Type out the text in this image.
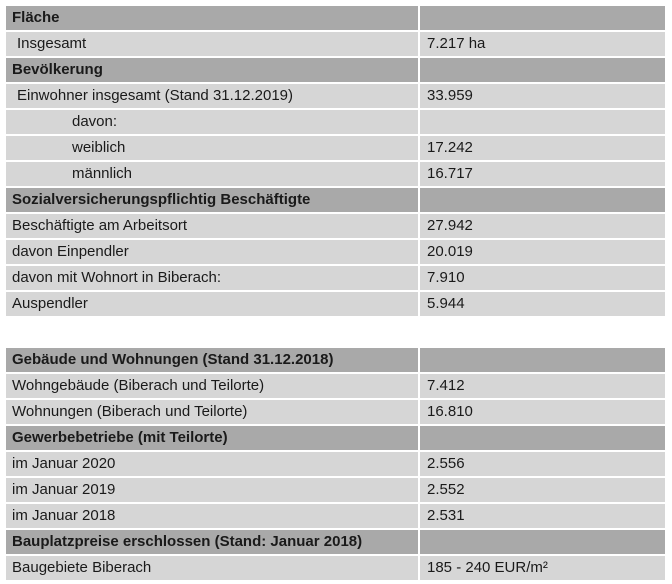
Fläche
Insgesamt	7.217 ha
Bevölkerung
Einwohner insgesamt (Stand 31.12.2019)	33.959
davon:
weiblich	17.242
männlich	16.717
Sozialversicherungspflichtig Beschäftigte
Beschäftigte am Arbeitsort	27.942
davon Einpendler	20.019
davon mit Wohnort in Biberach:	7.910
Auspendler	5.944
Gebäude und Wohnungen (Stand 31.12.2018)
Wohngebäude (Biberach und Teilorte)	7.412
Wohnungen (Biberach und Teilorte)	16.810
Gewerbebetriebe (mit Teilorte)
im Januar 2020	2.556
im Januar 2019	2.552
im Januar 2018	2.531
Bauplatzpreise erschlossen (Stand: Januar 2018)
Baugebiete Biberach	185 - 240 EUR/m²
